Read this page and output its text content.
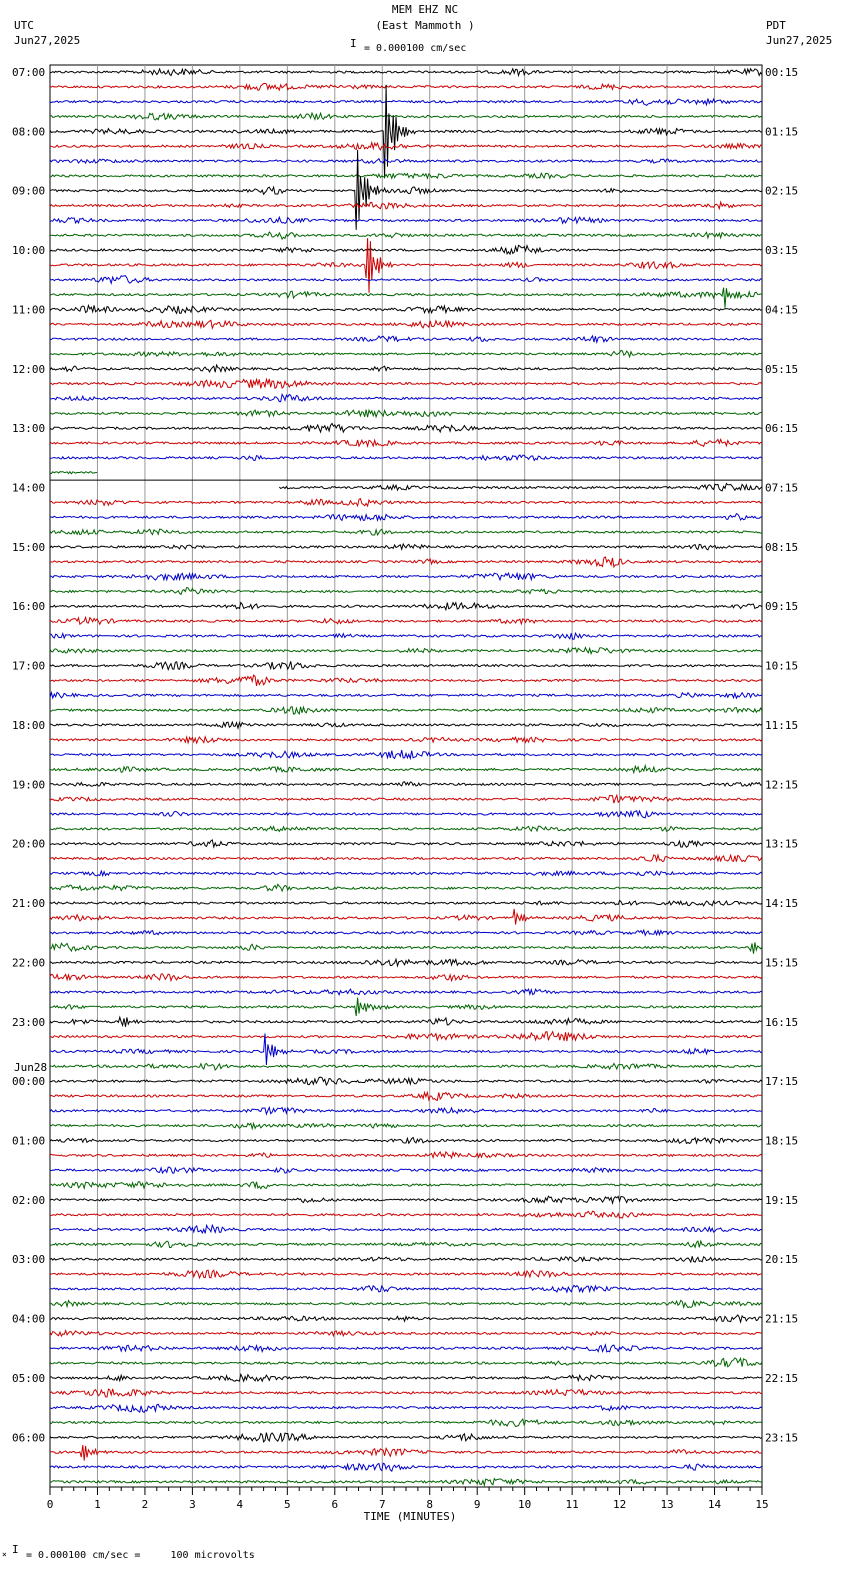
MEM EHZ NC
(East Mammoth )
I = 0.000100 cm/sec
UTC
Jun27,2025
PDT
Jun27,2025
07:00
08:00
09:00
10:00
11:00
12:00
13:00
14:00
15:00
16:00
17:00
18:00
19:00
20:00
21:00
22:00
23:00
00:00
01:00
02:00
03:00
04:00
05:00
06:00
00:15
01:15
02:15
03:15
04:15
05:15
06:15
07:15
08:15
09:15
10:15
11:15
12:15
13:15
14:15
15:15
16:15
17:15
18:15
19:15
20:15
21:15
22:15
23:15
Jun28
0	1	2	3	4	5	6	7	8	9	10	11	12	13	14	15
TIME (MINUTES)
× I = 0.000100 cm/sec =     100 microvolts
